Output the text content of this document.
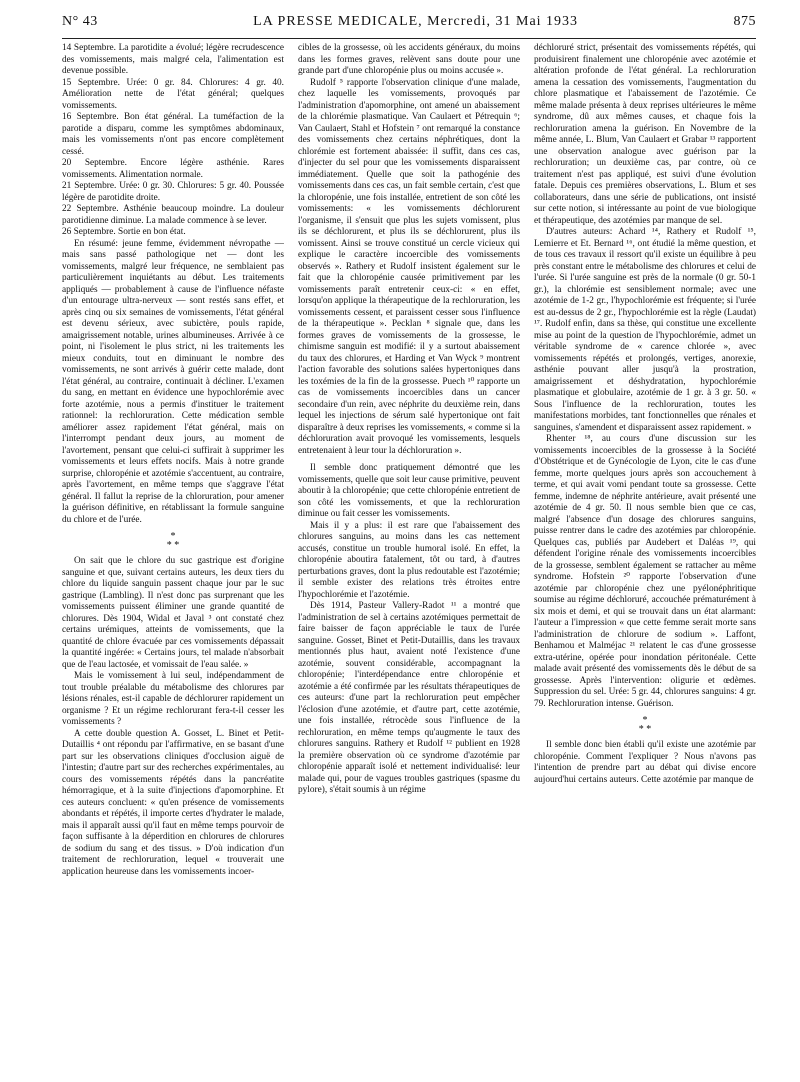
N° 43	LA PRESSE MEDICALE, Mercredi, 31 Mai 1933	875

14 Septembre. La parotidite a évolué; légère recrudescence des vomissements, mais malgré cela, l'alimentation est devenue possible.

15 Septembre. Urée: 0 gr. 84. Chlorures: 4 gr. 40. Amélioration nette de l'état général; quelques vomissements.

16 Septembre. Bon état général. La tuméfaction de la parotide a disparu, comme les symptômes abdominaux, mais les vomissements n'ont pas encore complètement cessé.

20 Septembre. Encore légère asthénie. Rares vomissements. Alimentation normale.

21 Septembre. Urée: 0 gr. 30. Chlorures: 5 gr. 40. Poussée légère de parotidite droite.

22 Septembre. Asthénie beaucoup moindre. La douleur parotidienne diminue. La malade commence à se lever.

26 Septembre. Sortie en bon état.

En résumé: jeune femme, évidemment névropathe — mais sans passé pathologique net — dont les vomissements, malgré leur fréquence, ne semblaient pas particulièrement inquiétants au début. Les traitements appliqués — probablement à cause de l'influence néfaste d'un entourage ultra-nerveux — sont restés sans effet, et après cinq ou six semaines de vomissements, l'état général est devenu sérieux, avec subictère, pouls rapide, amaigrissement notable, urines albumineuses. Arrivée à ce point, ni l'isolement le plus strict, ni les traitements les mieux conduits, tout en diminuant le nombre des vomissements, ne sont arrivés à guérir cette malade, dont l'état général, au contraire, continuait à décliner. L'examen du sang, en mettant en évidence une hypochlorémie avec forte azotémie, nous a permis d'instituer le traitement rationnel: la rechloruration. Cette médication semble améliorer assez rapidement l'état général, mais on l'interrompt pendant deux jours, au moment de l'avortement, pensant que celui-ci suffirait à supprimer les vomissements et leurs effets nocifs. Mais à notre grande surprise, chloropénie et azotémie s'accentuent, au contraire, après l'avortement, en même temps que s'aggrave l'état général. Il fallut la reprise de la chloruration, pour amener la guérison définitive, en rétablissant la formule sanguine du chlore et de l'urée.

*
* *

On sait que le chlore du suc gastrique est d'origine sanguine et que, suivant certains auteurs, les deux tiers du chlore du liquide sanguin passent chaque jour par le suc gastrique (Lambling). Il n'est donc pas surprenant que les vomissements puissent éliminer une grande quantité de chlorures. Dès 1904, Widal et Javal ³ ont constaté chez certains urémiques, atteints de vomissements, que la quantité de chlore évacuée par ces vomissements dépassait la quantité ingérée: « Certains jours, tel malade n'absorbait que de l'eau lactosée, et vomissait de l'eau salée. »

Mais le vomissement à lui seul, indépendamment de tout trouble préalable du métabolisme des chlorures par lésions rénales, est-il capable de déchlorurer rapidement un organisme ? Et un régime rechlorurant fera-t-il cesser les vomissements ?

A cette double question A. Gosset, L. Binet et Petit-Dutaillis ⁴ ont répondu par l'affirmative, en se basant d'une part sur les observations cliniques d'occlusion aiguë de l'intestin; d'autre part sur des recherches expérimentales, au cours des vomissements répétés dans la pancréatite hémorragique, et à la suite d'injections d'apomorphine. Et ces auteurs concluent: « qu'en présence de vomissements abondants et répétés, il importe certes d'hydrater le malade, mais il apparaît aussi qu'il faut en même temps pourvoir de façon suffisante à la déperdition en chlorures de chlorures de sodium du sang et des tissus. » D'où indication d'un traitement de rechloruration, lequel « trouverait une application heureuse dans les vomissements incoer-

cibles de la grossesse, où les accidents généraux, du moins dans les formes graves, relèvent sans doute pour une grande part d'une chloropénie plus ou moins accusée ».

Rudolf ⁵ rapporte l'observation clinique d'une malade, chez laquelle les vomissements, provoqués par l'administration d'apomorphine, ont amené un abaissement de la chlorémie plasmatique. Van Caulaert et Pétrequin ⁶; Van Caulaert, Stahl et Hofstein ⁷ ont remarqué la constance des vomissements chez certains néphrétiques, dont la chlorémie est fortement abaissée: il suffit, dans ces cas, d'injecter du sel pour que les vomissements disparaissent immédiatement. Quelle que soit la pathogénie des vomissements dans ces cas, un fait semble certain, c'est que la chloropénie, une fois installée, entretient de son côté les vomissements: « les vomissements déchlorurent l'organisme, il s'ensuit que plus les sujets vomissent, plus ils se déchlorurent, et plus ils se déchlorurent, plus ils vomissent. Ainsi se trouve constitué un cercle vicieux qui explique le caractère incoercible des vomissements observés ». Rathery et Rudolf insistent également sur le fait que la chloropénie causée primitivement par les vomissements paraît entretenir ceux-ci: « en effet, lorsqu'on applique la thérapeutique de la rechloruration, les vomissements cessent, et paraissent cesser sous l'influence de la thérapeutique ». Pecklan ⁸ signale que, dans les formes graves de vomissements de la grossesse, le chimisme sanguin est modifié: il y a surtout abaissement du taux des chlorures, et Harding et Van Wyck ⁹ montrent l'action favorable des solutions salées hypertoniques dans les toxémies de la fin de la grossesse. Puech ¹⁰ rapporte un cas de vomissements incoercibles dans un cancer secondaire d'un rein, avec néphrite du deuxième rein, dans lequel les injections de sérum salé hypertonique ont fait disparaître à deux reprises les vomissements, « comme si la déchloruration avait provoqué les vomissements, lesquels entretenaient à leur tour la déchloruration ».

Il semble donc pratiquement démontré que les vomissements, quelle que soit leur cause primitive, peuvent aboutir à la chloropénie; que cette chloropénie entretient de son côté les vomissements, et que la rechloruration diminue ou fait cesser les vomissements.

Mais il y a plus: il est rare que l'abaissement des chlorures sanguins, au moins dans les cas nettement accusés, constitue un trouble humoral isolé. En effet, la chloropénie aboutira fatalement, tôt ou tard, à d'autres perturbations graves, dont la plus redoutable est l'azotémie; il semble exister des relations très étroites entre l'hypochlorémie et l'azotémie.

Dès 1914, Pasteur Vallery-Radot ¹¹ a montré que l'administration de sel à certains azotémiques permettait de faire baisser de façon appréciable le taux de l'urée sanguine. Gosset, Binet et Petit-Dutaillis, dans les travaux mentionnés plus haut, avaient noté l'existence d'une azotémie, souvent considérable, accompagnant la chloropénie; l'interdépendance entre chloropénie et azotémie a été confirmée par les résultats thérapeutiques de ces auteurs: d'une part la rechloruration peut empêcher l'éclosion d'une azotémie, et d'autre part, cette azotémie, une fois installée, rétrocède sous l'influence de la rechloruration, en même temps qu'augmente le taux des chlorures sanguins. Rathery et Rudolf ¹² publient en 1928 la première observation où ce syndrome d'azotémie par chloropénie apparaît isolé et nettement individualisé: leur malade qui, pour de vagues troubles gastriques (spasme du pylore), s'était soumis à un régime

déchloruré strict, présentait des vomissements répétés, qui produisirent finalement une chloropénie avec azotémie et altération profonde de l'état général. La rechloruration amena la cessation des vomissements, l'augmentation du chlore plasmatique et l'abaissement de l'azotémie. Ce même malade présenta à deux reprises ultérieures le même syndrome, dû aux mêmes causes, et chaque fois la rechloruration amena la guérison. En Novembre de la même année, L. Blum, Van Caulaert et Grabar ¹³ rapportent une observation analogue avec guérison par la rechloruration; un deuxième cas, par contre, où ce traitement n'est pas appliqué, est suivi d'une évolution fatale. Depuis ces premières observations, L. Blum et ses collaborateurs, dans une série de publications, ont insisté sur cette notion, si intéressante au point de vue biologique et thérapeutique, des azotémies par manque de sel.

D'autres auteurs: Achard ¹⁴, Rathery et Rudolf ¹⁵, Lemierre et Et. Bernard ¹⁶, ont étudié la même question, et de tous ces travaux il ressort qu'il existe un équilibre à peu près constant entre le métabolisme des chlorures et celui de l'urée. Si l'urée sanguine est près de la normale (0 gr. 50-1 gr.), la chlorémie est sensiblement normale; avec une azotémie de 1-2 gr., l'hypochlorémie est fréquente; si l'urée est au-dessus de 2 gr., l'hypochlorémie est la règle (Laudat) ¹⁷. Rudolf enfin, dans sa thèse, qui constitue une excellente mise au point de la question de l'hypochlorémie, admet un véritable syndrome de « carence chlorée », avec vomissements répétés et prolongés, vertiges, anorexie, asthénie pouvant aller jusqu'à la prostration, amaigrissement et déshydratation, hypochlorémie plasmatique et globulaire, azotémie de 1 gr. à 3 gr. 50. « Sous l'influence de la rechloruration, toutes les manifestations morbides, tant fonctionnelles que rénales et sanguines, s'amendent et disparaissent assez rapidement. »

Rhenter ¹⁸, au cours d'une discussion sur les vomissements incoercibles de la grossesse à la Société d'Obstétrique et de Gynécologie de Lyon, cite le cas d'une femme, morte quelques jours après son accouchement à terme, et qui avait vomi pendant toute sa grossesse. Cette femme, indemne de néphrite antérieure, avait présenté une azotémie de 4 gr. 50. Il nous semble bien que ce cas, malgré l'absence d'un dosage des chlorures sanguins, puisse rentrer dans le cadre des azotémies par chloropénie. Quelques cas, publiés par Audebert et Daléas ¹⁹, qui défendent l'origine rénale des vomissements incoercibles de la grossesse, semblent également se rattacher au même syndrome. Hofstein ²⁰ rapporte l'observation d'une azotémie par chloropénie chez une pyélonéphritique soumise au régime déchloruré, accouchée prématurément à six mois et demi, et qui se trouvait dans un état alarmant: l'auteur a l'impression « que cette femme serait morte sans l'administration de chlorure de sodium ». Laffont, Benhamou et Malméjac ²¹ relatent le cas d'une grossesse extra-utérine, opérée pour inondation péritonéale. Cette malade avait présenté des vomissements dès le début de sa grossesse. Après l'intervention: oligurie et œdèmes. Suppression du sel. Urée: 5 gr. 44, chlorures sanguins: 4 gr. 79. Rechloruration intense. Guérison.

*
* *

Il semble donc bien établi qu'il existe une azotémie par chloropénie. Comment l'expliquer ? Nous n'avons pas l'intention de prendre part au débat qui divise encore aujourd'hui certains auteurs. Cette azotémie par manque de
